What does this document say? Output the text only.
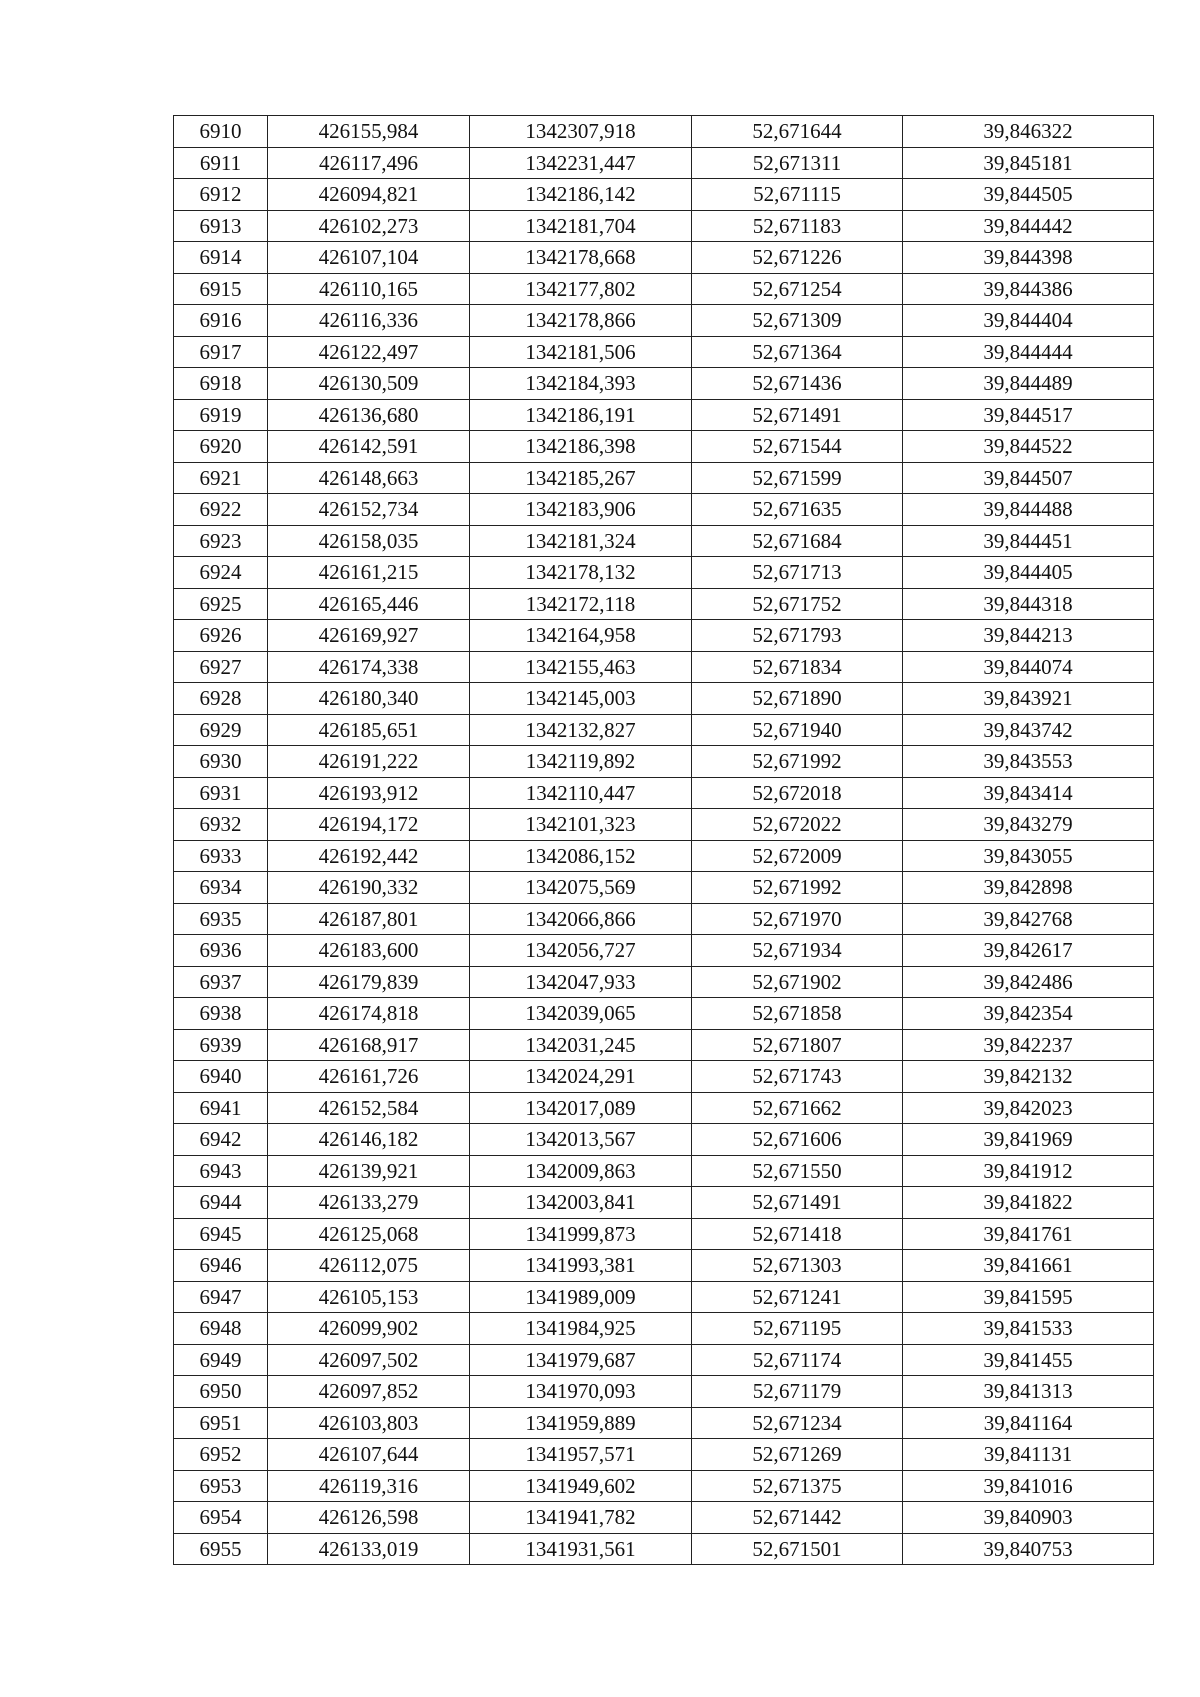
6910	426155,984	1342307,918	52,671644	39,846322
6911	426117,496	1342231,447	52,671311	39,845181
6912	426094,821	1342186,142	52,671115	39,844505
6913	426102,273	1342181,704	52,671183	39,844442
6914	426107,104	1342178,668	52,671226	39,844398
6915	426110,165	1342177,802	52,671254	39,844386
6916	426116,336	1342178,866	52,671309	39,844404
6917	426122,497	1342181,506	52,671364	39,844444
6918	426130,509	1342184,393	52,671436	39,844489
6919	426136,680	1342186,191	52,671491	39,844517
6920	426142,591	1342186,398	52,671544	39,844522
6921	426148,663	1342185,267	52,671599	39,844507
6922	426152,734	1342183,906	52,671635	39,844488
6923	426158,035	1342181,324	52,671684	39,844451
6924	426161,215	1342178,132	52,671713	39,844405
6925	426165,446	1342172,118	52,671752	39,844318
6926	426169,927	1342164,958	52,671793	39,844213
6927	426174,338	1342155,463	52,671834	39,844074
6928	426180,340	1342145,003	52,671890	39,843921
6929	426185,651	1342132,827	52,671940	39,843742
6930	426191,222	1342119,892	52,671992	39,843553
6931	426193,912	1342110,447	52,672018	39,843414
6932	426194,172	1342101,323	52,672022	39,843279
6933	426192,442	1342086,152	52,672009	39,843055
6934	426190,332	1342075,569	52,671992	39,842898
6935	426187,801	1342066,866	52,671970	39,842768
6936	426183,600	1342056,727	52,671934	39,842617
6937	426179,839	1342047,933	52,671902	39,842486
6938	426174,818	1342039,065	52,671858	39,842354
6939	426168,917	1342031,245	52,671807	39,842237
6940	426161,726	1342024,291	52,671743	39,842132
6941	426152,584	1342017,089	52,671662	39,842023
6942	426146,182	1342013,567	52,671606	39,841969
6943	426139,921	1342009,863	52,671550	39,841912
6944	426133,279	1342003,841	52,671491	39,841822
6945	426125,068	1341999,873	52,671418	39,841761
6946	426112,075	1341993,381	52,671303	39,841661
6947	426105,153	1341989,009	52,671241	39,841595
6948	426099,902	1341984,925	52,671195	39,841533
6949	426097,502	1341979,687	52,671174	39,841455
6950	426097,852	1341970,093	52,671179	39,841313
6951	426103,803	1341959,889	52,671234	39,841164
6952	426107,644	1341957,571	52,671269	39,841131
6953	426119,316	1341949,602	52,671375	39,841016
6954	426126,598	1341941,782	52,671442	39,840903
6955	426133,019	1341931,561	52,671501	39,840753
